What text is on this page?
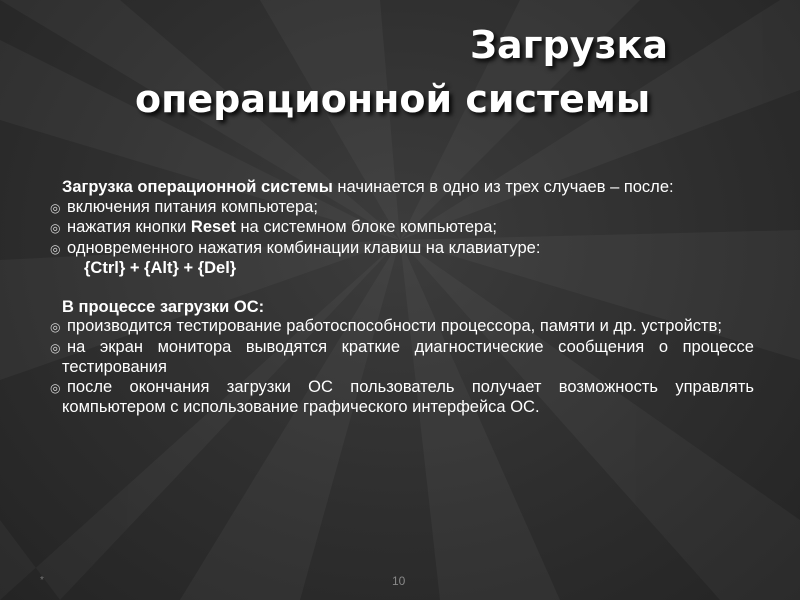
Загрузка
операционной системы

Загрузка операционной системы начинается в одно из трех случаев – после:

◎ включения питания компьютера;

◎ нажатия кнопки Reset на системном блоке компьютера;

◎ одновременного нажатия комбинации клавиш на клавиатуре:

{Ctrl} + {Alt} + {Del}

В процессе загрузки ОС:

◎ производится тестирование работоспособности процессора, памяти и др. устройств;

◎ на экран монитора выводятся краткие диагностические сообщения о процессе тестирования

◎ после окончания загрузки ОС пользователь получает возможность управлять компьютером с использование графического интерфейса ОС.

*	10
